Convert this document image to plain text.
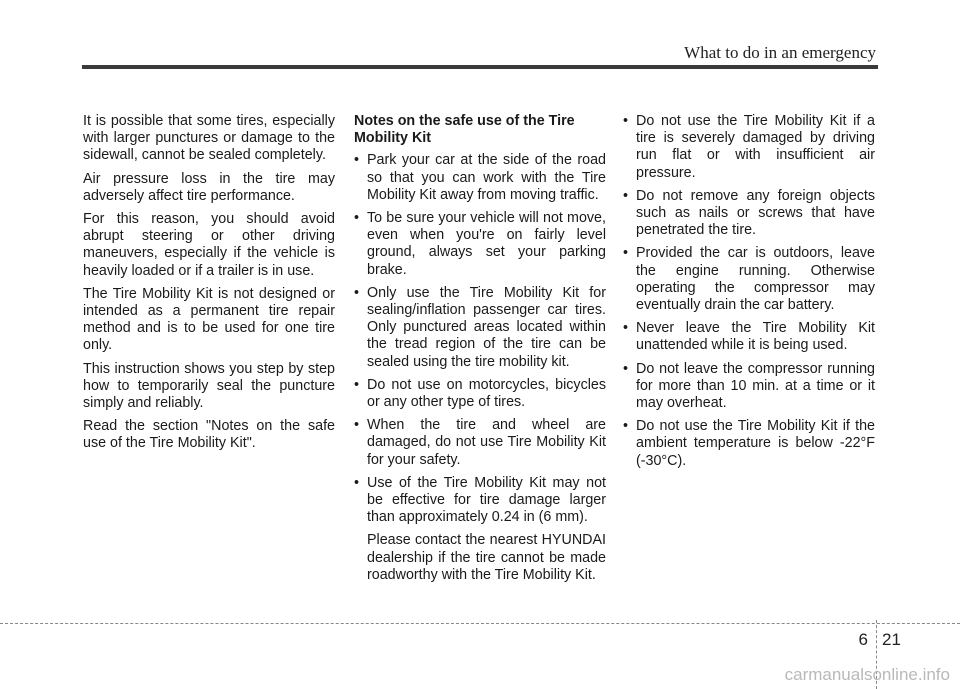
What to do in an emergency

It is possible that some tires, especially with larger punctures or damage to the sidewall, cannot be sealed completely.

Air pressure loss in the tire may adversely affect tire performance.

For this reason, you should avoid abrupt steering or other driving maneuvers, especially if the vehicle is heavily loaded or if a trailer is in use.

The Tire Mobility Kit is not designed or intended as a permanent tire repair method and is to be used for one tire only.

This instruction shows you step by step how to temporarily seal the puncture simply and reliably.

Read the section "Notes on the safe use of the Tire Mobility Kit".

Notes on the safe use of the Tire Mobility Kit
• Park your car at the side of the road so that you can work with the Tire Mobility Kit away from moving traffic.
• To be sure your vehicle will not move, even when you're on fairly level ground, always set your parking brake.
• Only use the Tire Mobility Kit for sealing/inflation passenger car tires. Only punctured areas located within the tread region of the tire can be sealed using the tire mobility kit.
• Do not use on motorcycles, bicycles or any other type of tires.
• When the tire and wheel are damaged, do not use Tire Mobility Kit for your safety.
• Use of the Tire Mobility Kit may not be effective for tire damage larger than approximately 0.24 in (6 mm).
Please contact the nearest HYUNDAI dealership if the tire cannot be made roadworthy with the Tire Mobility Kit.
• Do not use the Tire Mobility Kit if a tire is severely damaged by driving run flat or with insufficient air pressure.
• Do not remove any foreign objects such as nails or screws that have penetrated the tire.
• Provided the car is outdoors, leave the engine running. Otherwise operating the compressor may eventually drain the car battery.
• Never leave the Tire Mobility Kit unattended while it is being used.
• Do not leave the compressor running for more than 10 min. at a time or it may overheat.
• Do not use the Tire Mobility Kit if the ambient temperature is below -22°F (-30°C).
6 21
carmanualsonline.info
